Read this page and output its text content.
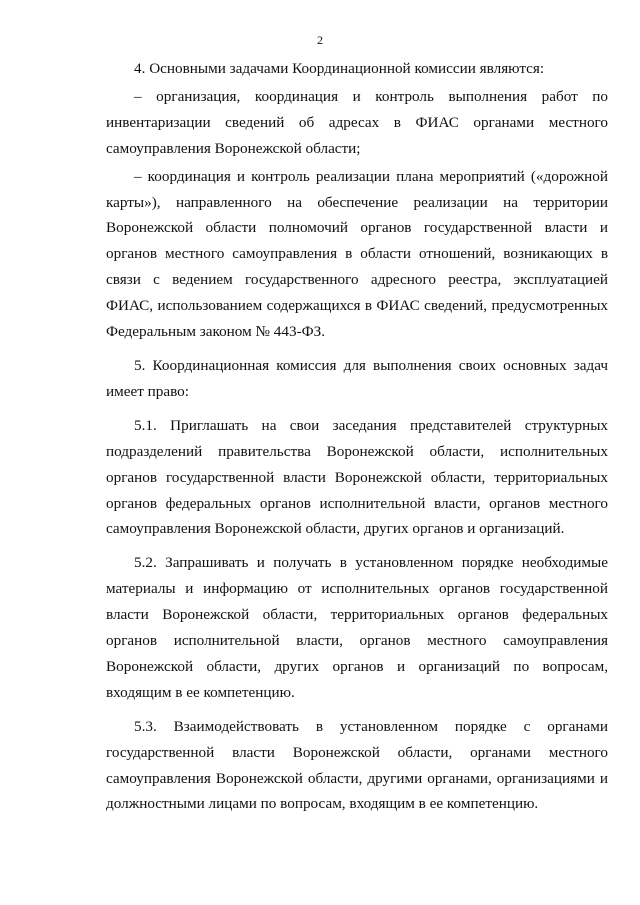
2

4. Основными задачами Координационной комиссии являются:

– организация, координация и контроль выполнения работ по инвентаризации сведений об адресах в ФИАС органами местного самоуправления Воронежской области;

– координация и контроль реализации плана мероприятий («дорожной карты»), направленного на обеспечение реализации на территории Воронежской области полномочий органов государственной власти и органов местного самоуправления в области отношений, возникающих в связи с ведением государственного адресного реестра, эксплуатацией ФИАС, использованием содержащихся в ФИАС сведений, предусмотренных Федеральным законом № 443-ФЗ.

5. Координационная комиссия для выполнения своих основных задач имеет право:

5.1. Приглашать на свои заседания представителей структурных подразделений правительства Воронежской области, исполнительных органов государственной власти Воронежской области, территориальных органов федеральных органов исполнительной власти, органов местного самоуправления Воронежской области, других органов и организаций.

5.2. Запрашивать и получать в установленном порядке необходимые материалы и информацию от исполнительных органов государственной власти Воронежской области, территориальных органов федеральных органов исполнительной власти, органов местного самоуправления Воронежской области, других органов и организаций по вопросам, входящим в ее компетенцию.

5.3. Взаимодействовать в установленном порядке с органами государственной власти Воронежской области, органами местного самоуправления Воронежской области, другими органами, организациями и должностными лицами по вопросам, входящим в ее компетенцию.
